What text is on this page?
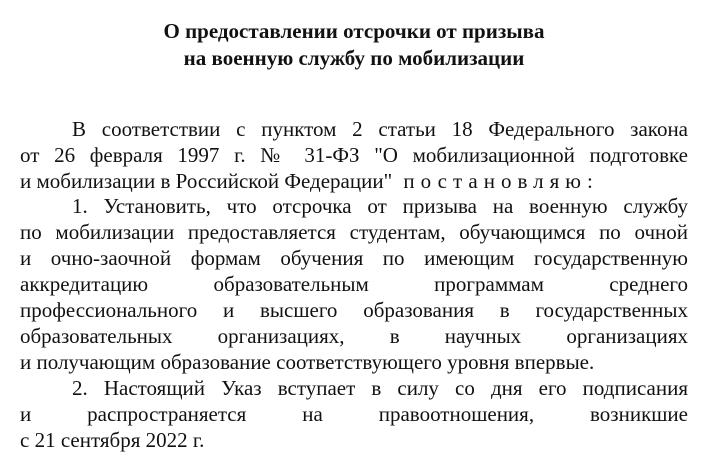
О предоставлении отсрочки от призыва
на военную службу по мобилизации
В соответствии с пунктом 2 статьи 18 Федерального закона
от 26 февраля 1997 г. № 31-ФЗ "О мобилизационной подготовке
и мобилизации в Российской Федерации" постановляю:
1. Установить, что отсрочка от призыва на военную службу
по мобилизации предоставляется студентам, обучающимся по очной
и очно-заочной формам обучения по имеющим государственную
аккредитацию образовательным программам среднего
профессионального и высшего образования в государственных
образовательных организациях, в научных организациях
и получающим образование соответствующего уровня впервые.
2. Настоящий Указ вступает в силу со дня его подписания
и распространяется на правоотношения, возникшие
с 21 сентября 2022 г.
